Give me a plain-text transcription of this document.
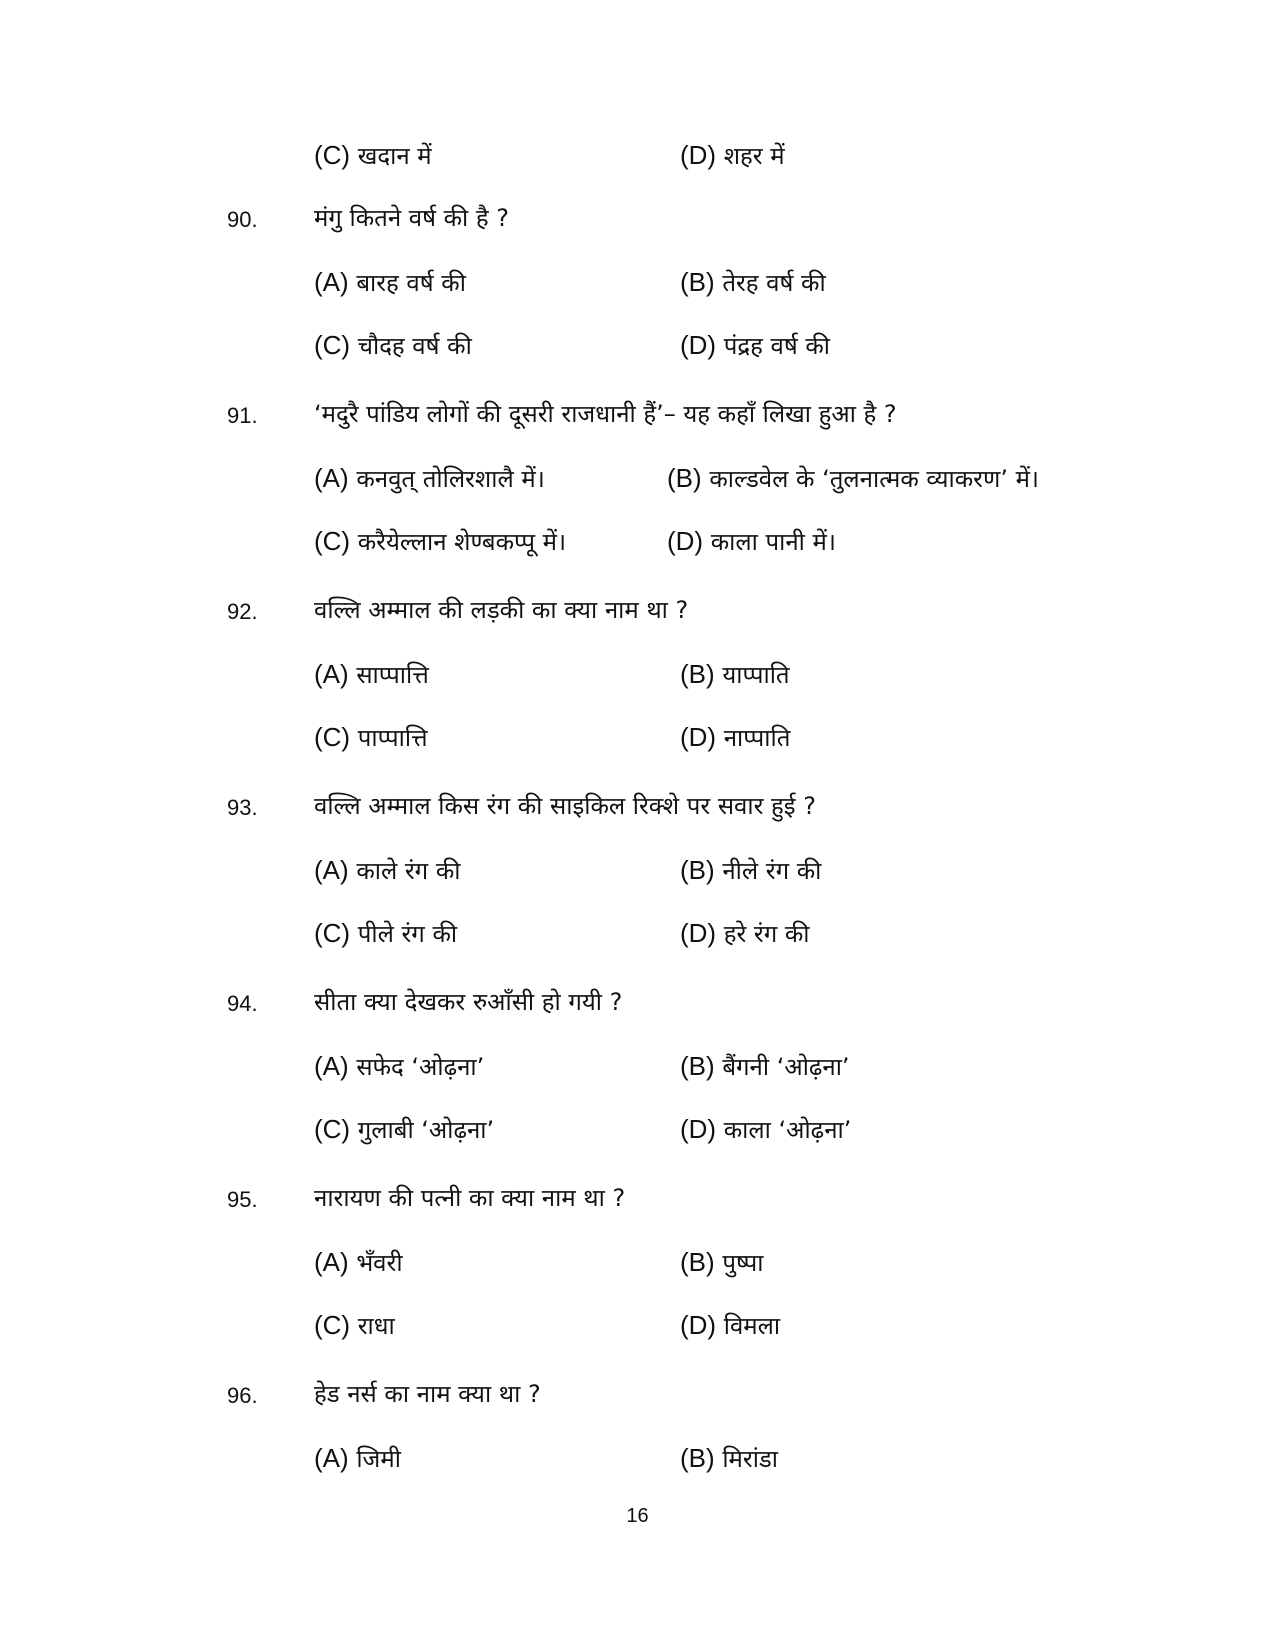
(C) खदान में	(D) शहर में
90. मंगु कितने वर्ष की है ?
(A) बारह वर्ष की	(B) तेरह वर्ष की
(C) चौदह वर्ष की	(D) पंद्रह वर्ष की
91. ‘मदुरै पांडिय लोगों की दूसरी राजधानी हैं’– यह कहाँ लिखा हुआ है ?
(A) कनवुत् तोलिरशालै में।	(B) काल्डवेल के ‘तुलनात्मक व्याकरण’ में।
(C) करैयेल्लान शेण्बकप्पू में।	(D) काला पानी में।
92. वल्लि अम्माल की लड़की का क्या नाम था ?
(A) साप्पात्ति	(B) याप्पाति
(C) पाप्पात्ति	(D) नाप्पाति
93. वल्लि अम्माल किस रंग की साइकिल रिक्शे पर सवार हुई ?
(A) काले रंग की	(B) नीले रंग की
(C) पीले रंग की	(D) हरे रंग की
94. सीता क्या देखकर रुआँसी हो गयी ?
(A) सफेद ‘ओढ़ना’	(B) बैंगनी ‘ओढ़ना’
(C) गुलाबी ‘ओढ़ना’	(D) काला ‘ओढ़ना’
95. नारायण की पत्नी का क्या नाम था ?
(A) भँवरी	(B) पुष्पा
(C) राधा	(D) विमला
96. हेड नर्स का नाम क्या था ?
(A) जिमी	(B) मिरांडा
16
